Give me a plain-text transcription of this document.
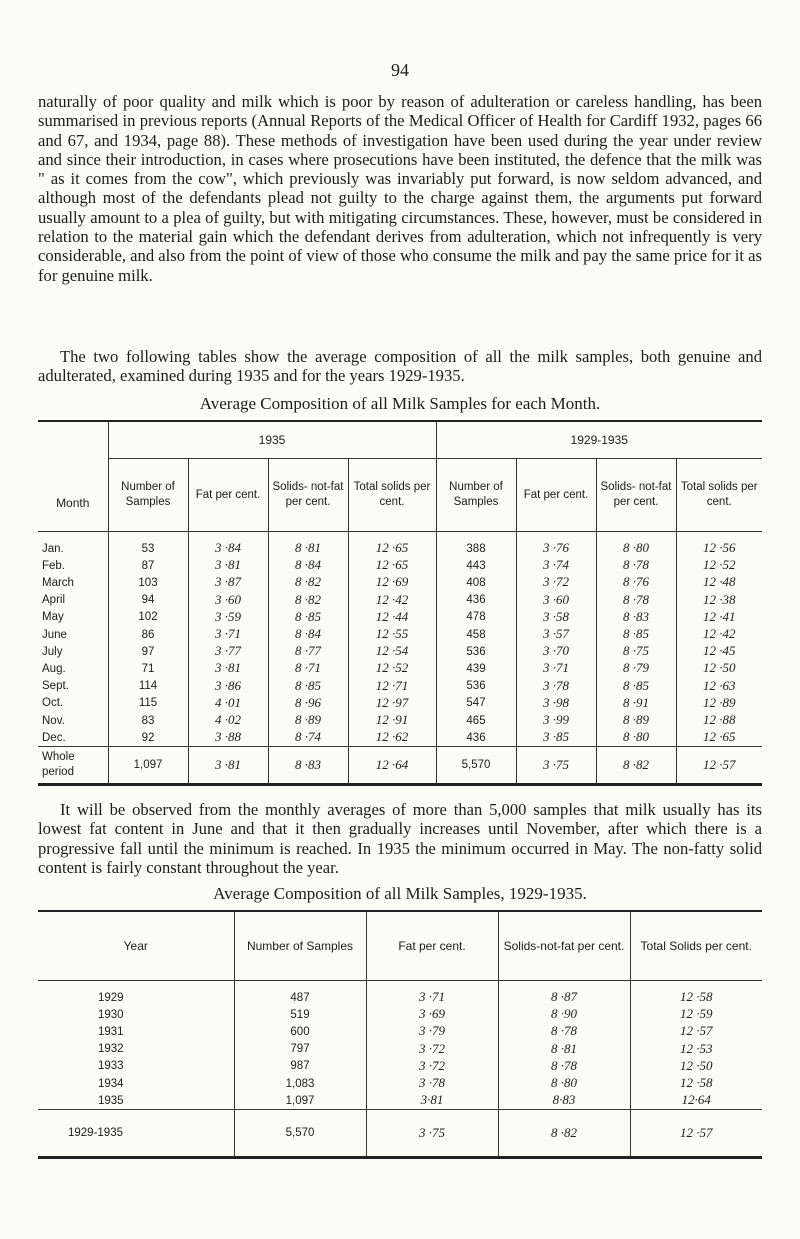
94

naturally of poor quality and milk which is poor by reason of adulteration or careless handling, has been summarised in previous reports (Annual Reports of the Medical Officer of Health for Cardiff 1932, pages 66 and 67, and 1934, page 88). These methods of investigation have been used during the year under review and since their introduction, in cases where prosecutions have been instituted, the defence that the milk was " as it comes from the cow", which previously was invariably put forward, is now seldom advanced, and although most of the defendants plead not guilty to the charge against them, the arguments put forward usually amount to a plea of guilty, but with mitigating circumstances. These, however, must be considered in relation to the material gain which the defendant derives from adulteration, which not infrequently is very considerable, and also from the point of view of those who consume the milk and pay the same price for it as for genuine milk.

The two following tables show the average composition of all the milk samples, both genuine and adulterated, examined during 1935 and for the years 1929-1935.

Average Composition of all Milk Samples for each Month.
Month	1935				1929-1935			
	Number of Samples	Fat per cent.	Solids- not-fat per cent.	Total solids per cent.	Number of Samples	Fat per cent.	Solids- not-fat per cent.	Total solids per cent.
Jan.	53	3 ·84	8 ·81	12 ·65	388	3 ·76	8 ·80	12 ·56
Feb.	87	3 ·81	8 ·84	12 ·65	443	3 ·74	8 ·78	12 ·52
March	103	3 ·87	8 ·82	12 ·69	408	3 ·72	8 ·76	12 ·48
April	94	3 ·60	8 ·82	12 ·42	436	3 ·60	8 ·78	12 ·38
May	102	3 ·59	8 ·85	12 ·44	478	3 ·58	8 ·83	12 ·41
June	86	3 ·71	8 ·84	12 ·55	458	3 ·57	8 ·85	12 ·42
July	97	3 ·77	8 ·77	12 ·54	536	3 ·70	8 ·75	12 ·45
Aug.	71	3 ·81	8 ·71	12 ·52	439	3 ·71	8 ·79	12 ·50
Sept.	114	3 ·86	8 ·85	12 ·71	536	3 ·78	8 ·85	12 ·63
Oct.	115	4 ·01	8 ·96	12 ·97	547	3 ·98	8 ·91	12 ·89
Nov.	83	4 ·02	8 ·89	12 ·91	465	3 ·99	8 ·89	12 ·88
Dec.	92	3 ·88	8 ·74	12 ·62	436	3 ·85	8 ·80	12 ·65
Whole period	1,097	3 ·81	8 ·83	12 ·64	5,570	3 ·75	8 ·82	12 ·57

It will be observed from the monthly averages of more than 5,000 samples that milk usually has its lowest fat content in June and that it then gradually increases until November, after which there is a progressive fall until the minimum is reached. In 1935 the minimum occurred in May. The non-fatty solid content is fairly constant throughout the year.

Average Composition of all Milk Samples, 1929-1935.
Year	Number of Samples	Fat per cent.	Solids-not-fat per cent.	Total Solids per cent.
1929	487	3 ·71	8 ·87	12 ·58
1930	519	3 ·69	8 ·90	12 ·59
1931	600	3 ·79	8 ·78	12 ·57
1932	797	3 ·72	8 ·81	12 ·53
1933	987	3 ·72	8 ·78	12 ·50
1934	1,083	3 ·78	8 ·80	12 ·58
1935	1,097	3·81	8·83	12·64
1929-1935	5,570	3 ·75	8 ·82	12 ·57
